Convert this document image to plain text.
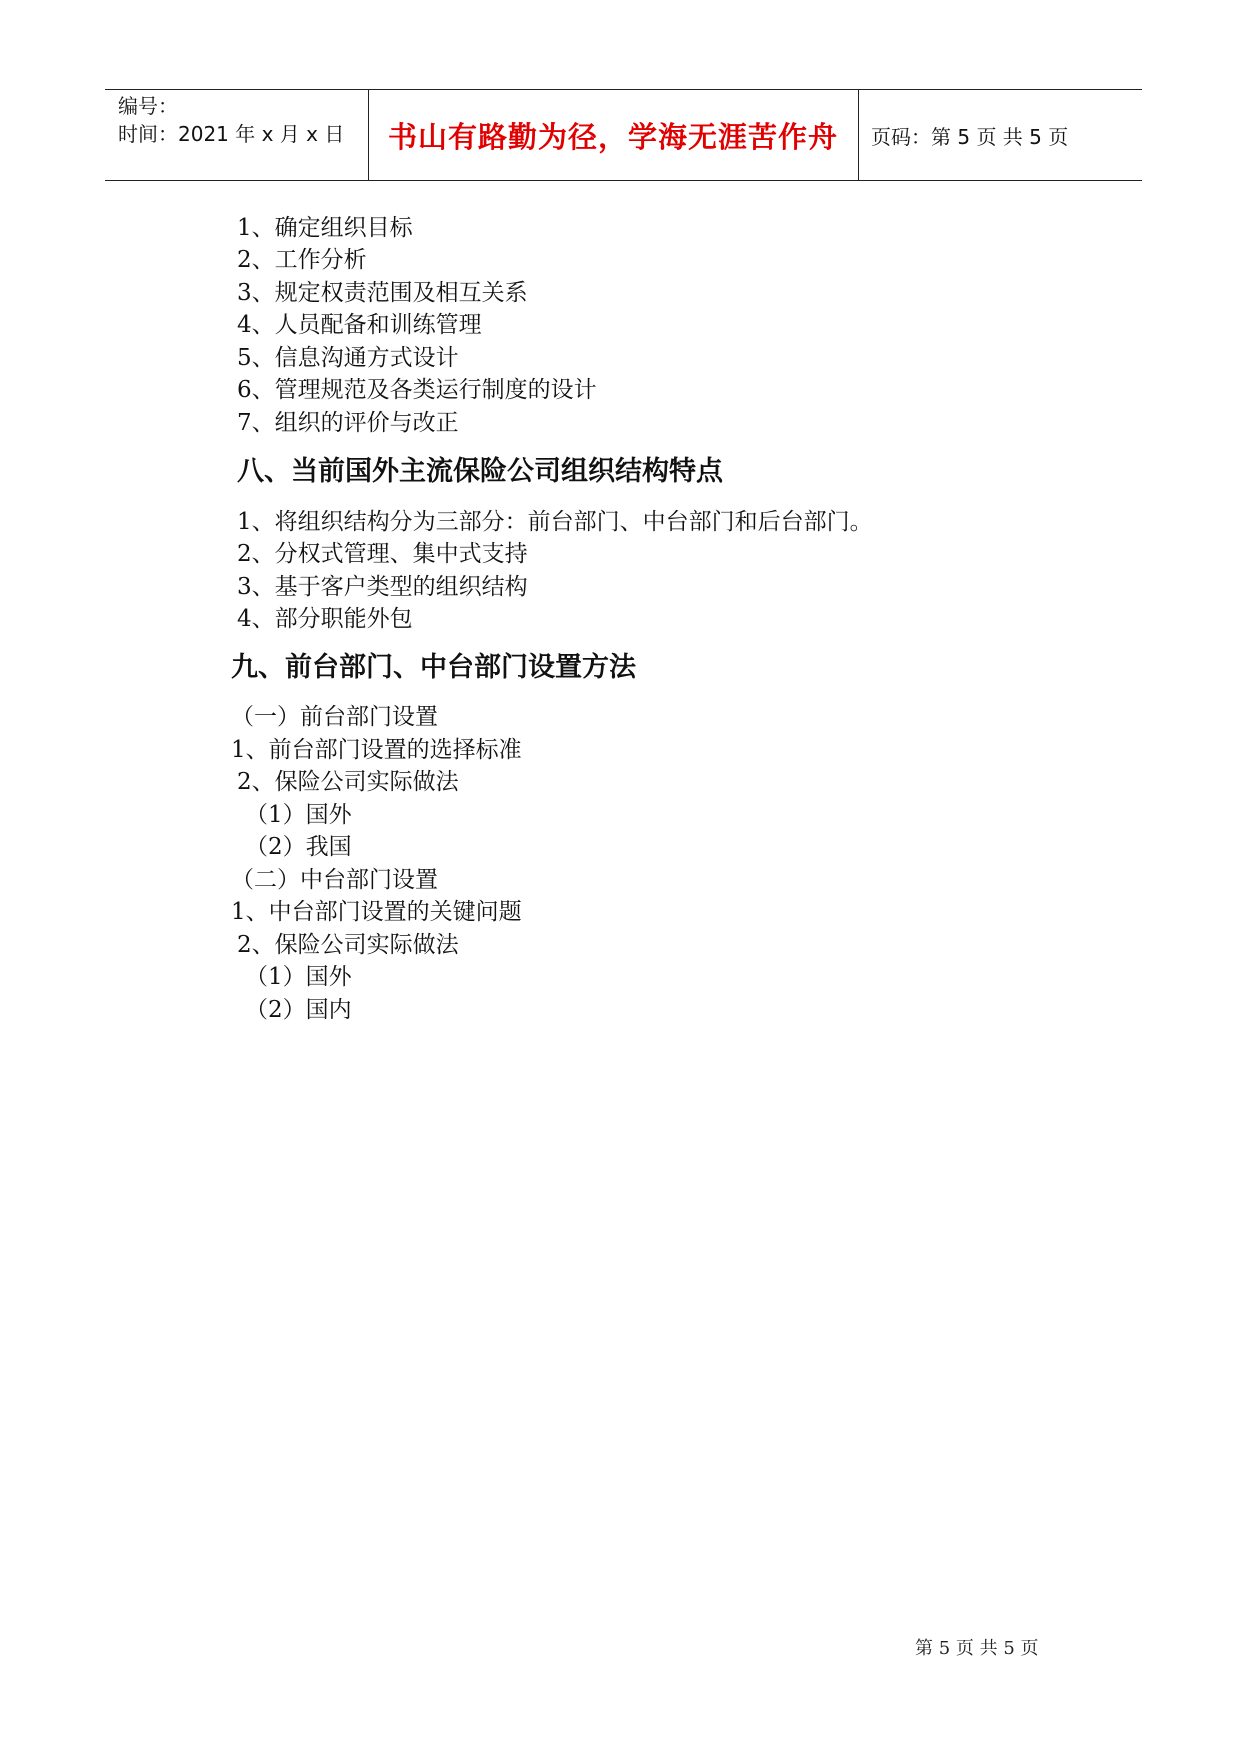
编号：
时间：2021 年 x 月 x 日	书山有路勤为径，学海无涯苦作舟	页码：第 5 页 共 5 页
1、确定组织目标
2、工作分析
3、规定权责范围及相互关系
4、人员配备和训练管理
5、信息沟通方式设计
6、管理规范及各类运行制度的设计
7、组织的评价与改正
八、当前国外主流保险公司组织结构特点
1、将组织结构分为三部分：前台部门、中台部门和后台部门。
2、分权式管理、集中式支持
3、基于客户类型的组织结构
4、部分职能外包
九、前台部门、中台部门设置方法
（一）前台部门设置
1、前台部门设置的选择标准
2、保险公司实际做法
（1）国外
（2）我国
（二）中台部门设置
1、中台部门设置的关键问题
2、保险公司实际做法
（1）国外
（2）国内
第 5 页 共 5 页
